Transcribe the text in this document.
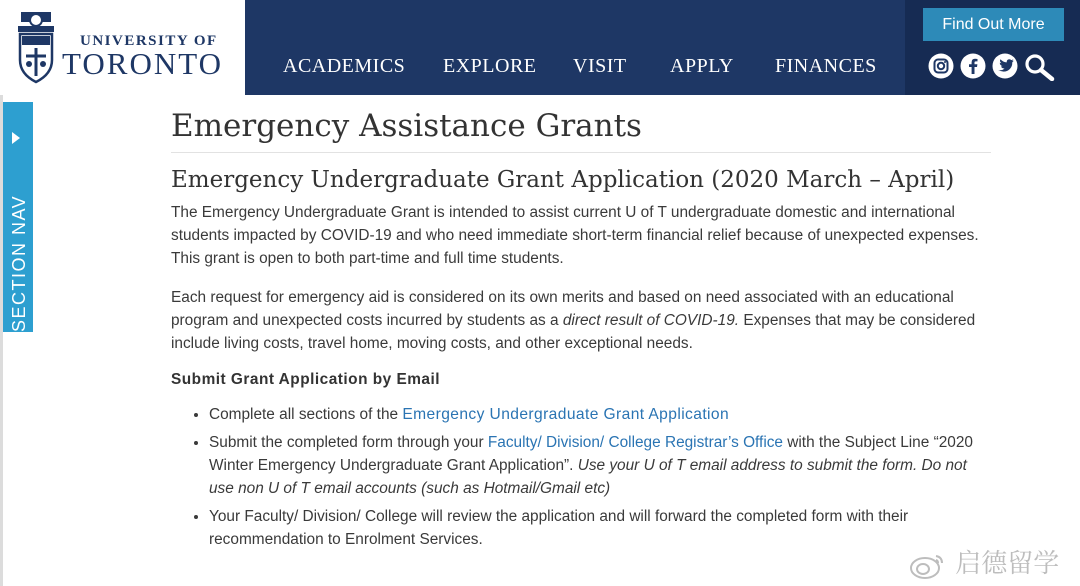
UNIVERSITY OF
TORONTO	ACADEMICS EXPLORE VISIT APPLY FINANCES
Find Out More
SECTION NAV
Emergency Assistance Grants
Emergency Undergraduate Grant Application (2020 March – April)

The Emergency Undergraduate Grant is intended to assist current U of T undergraduate domestic and international students impacted by COVID-19 and who need immediate short-term financial relief because of unexpected expenses. This grant is open to both part-time and full time students.

Each request for emergency aid is considered on its own merits and based on need associated with an educational program and unexpected costs incurred by students as a direct result of COVID-19. Expenses that may be considered include living costs, travel home, moving costs, and other exceptional needs.

Submit Grant Application by Email
• Complete all sections of the Emergency Undergraduate Grant Application
• Submit the completed form through your Faculty/ Division/ College Registrar’s Office with the Subject Line “2020 Winter Emergency Undergraduate Grant Application”. Use your U of T email address to submit the form. Do not use non U of T email accounts (such as Hotmail/Gmail etc)
• Your Faculty/ Division/ College will review the application and will forward the completed form with their recommendation to Enrolment Services.
启德留学
